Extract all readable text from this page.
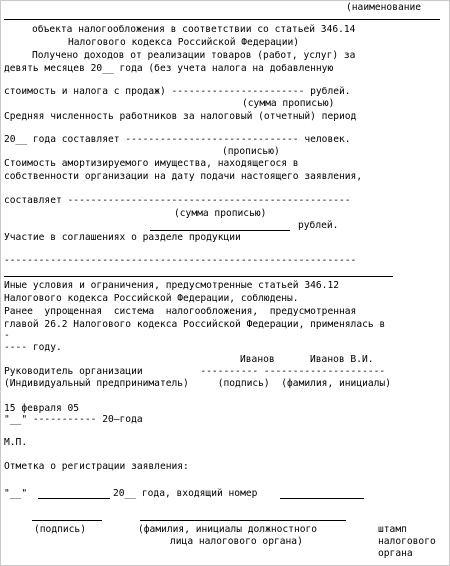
(наименование
объекта налогообложения в соответствии со статьей 346.14
Налогового кодекса Российской Федерации)
Получено доходов от реализации товаров (работ, услуг) за
девять месяцев 20__ года (без учета налога на добавленную
стоимость и налога с продаж) ----------------------- рублей.
(сумма прописью)
Средняя численность работников за налоговый (отчетный) период
20__ года составляет ------------------------------ человек.
(прописью)
Стоимость амортизируемого имущества, находящегося в
собственности организации на дату подачи настоящего заявления,
составляет -------------------------------------------------
(сумма прописью)
рублей.
Участие в соглашениях о разделе продукции
-------------------------------------------------------------
Иные условия и ограничения, предусмотренные статьей 346.12
Налогового кодекса Российской Федерации, соблюдены.
Ранее  упрощенная  система  налогообложения,  предусмотренная
главой 26.2 Налогового кодекса Российской Федерации, применялась в
-
---- году.
Иванов	Иванов В.И.
Руководитель организации          ---------- ---------------------
(Индивидуальный предприниматель)     (подпись)  (фамилия, инициалы)
15 февраля 05
"__" ----------- 20—года
М.П.
Отметка о регистрации заявления:
"__"	20__ года, входящий номер
(подпись)	(фамилия, инициалы должностного
лица налогового органа)
штамп
налогового
органа
